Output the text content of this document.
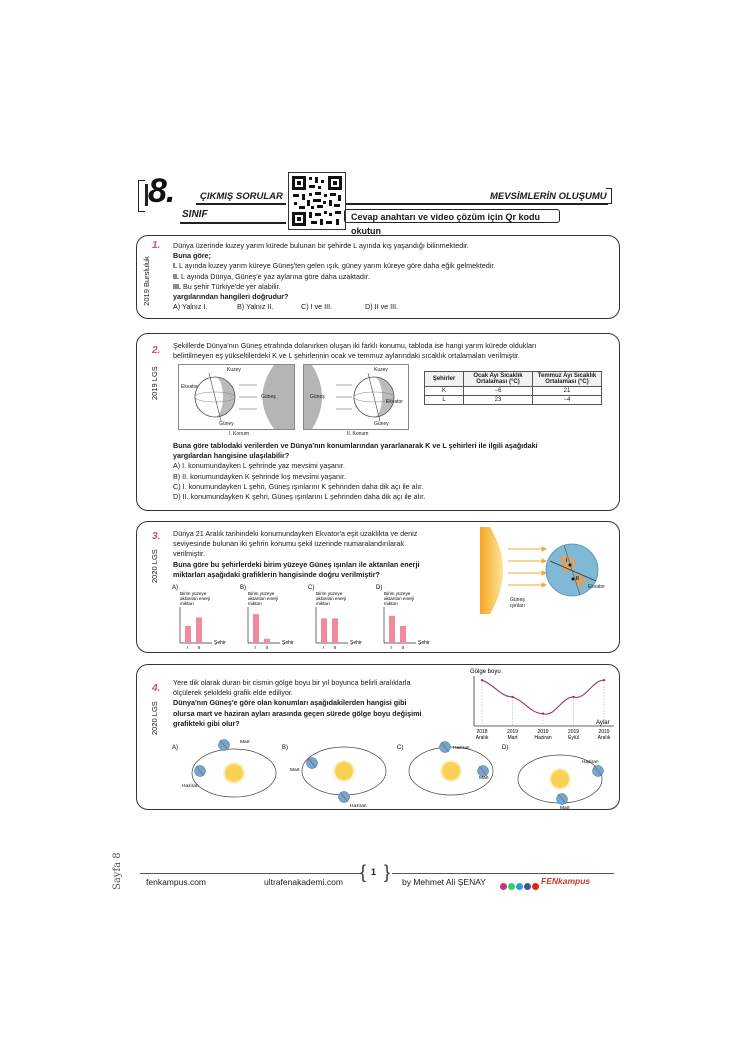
8.	ÇIKMIŞ SORULAR
SINIF
MEVSİMLERİN OLUŞUMU
Cevap anahtarı ve video çözüm için Qr kodu okutun
1.
2019 Bursluluk
Dünya üzerinde kuzey yarım kürede bulunan bir şehirde L ayında kış yaşandığı bilinmektedir.
Buna göre;
I. L ayında kuzey yarım küreye Güneş'ten gelen ışık, güney yarım küreye göre daha eğik gelmektedir.
II. L ayında Dünya, Güneş'e yaz aylarına göre daha uzaktadır.
III. Bu şehir Türkiye'de yer alabilir.
yargılarından hangileri doğrudur?
A) Yalnız I.	B) Yalnız II.	C) I ve III.	D) II ve III.
2.
2019 LGS
Şekillerde Dünya'nın Güneş etrafında dolanırken oluşan iki farklı konumu, tabloda ise hangi yarım kürede oldukları
belirtilmeyen eş yükseltilerdeki K ve L şehirlerinin ocak ve temmuz aylarındaki sıcaklık ortalamaları verilmiştir.
Kuzey
Ekvator
Güneş
Güney
I. Konum
Güneş
Kuzey
Ekvator
Güney
II. Konum
Şehirler	Ocak Ayı Sıcaklık Ortalaması (°C)	Temmuz Ayı Sıcaklık Ortalaması (°C)
K	−6	21
L	23	−4
Buna göre tablodaki verilerden ve Dünya'nın konumlarından yararlanarak K ve L şehirleri ile ilgili aşağıdaki
yargılardan hangisine ulaşılabilir?
A) I. konumundayken L şehrinde yaz mevsimi yaşanır.
B) II. konumundayken K şehrinde kış mevsimi yaşanır.
C) I. konumundayken L şehri, Güneş ışınlarını K şehrinden daha dik açı ile alır.
D) II. konumundayken K şehri, Güneş ışınlarını L şehrinden daha dik açı ile alır.
3.
2020 LGS
Dünya 21 Aralık tarihindeki konumundayken Ekvator'a eşit uzaklıkta ve deniz
seviyesinde bulunan iki şehrin konumu şekil üzerinde numaralandırılarak
verilmiştir.
Buna göre bu şehirlerdeki birim yüzeye Güneş ışınları ile aktarılan enerji
miktarları aşağıdaki grafiklerin hangisinde doğru verilmiştir?
I
II
Ekvator
Güneş ışınları
A)
Birim yüzeye
aktarılan enerji
miktarı
Şehir
I II
B)
Birim yüzeye
aktarılan enerji
miktarı
Şehir
I II
C)
Birim yüzeye
aktarılan enerji
miktarı
Şehir
I II
D)
Birim yüzeye
aktarılan enerji
miktarı
Şehir
I II
4.
2020 LGS
Yere dik olarak duran bir cismin gölge boyu bir yıl boyunca belirli aralıklarla
ölçülerek şekildeki grafik elde ediliyor.
Dünya'nın Güneş'e göre olan konumları aşağıdakilerden hangisi gibi
olursa mart ve haziran ayları arasında geçen sürede gölge boyu değişimi
grafikteki gibi olur?
Gölge boyu
Aylar
2018
Aralık
2019
Mart
2019
Haziran
2019
Eylül
2019
Aralık
A)
Mart
Haziran
B)
Mart
Haziran
C)	Haziran
Mart
D)
Haziran
Mart
Sayfa 8	{ }
1
fenkampus.com	ultrafenakademi.com	by Mehmet Ali ŞENAY	FENkampus
